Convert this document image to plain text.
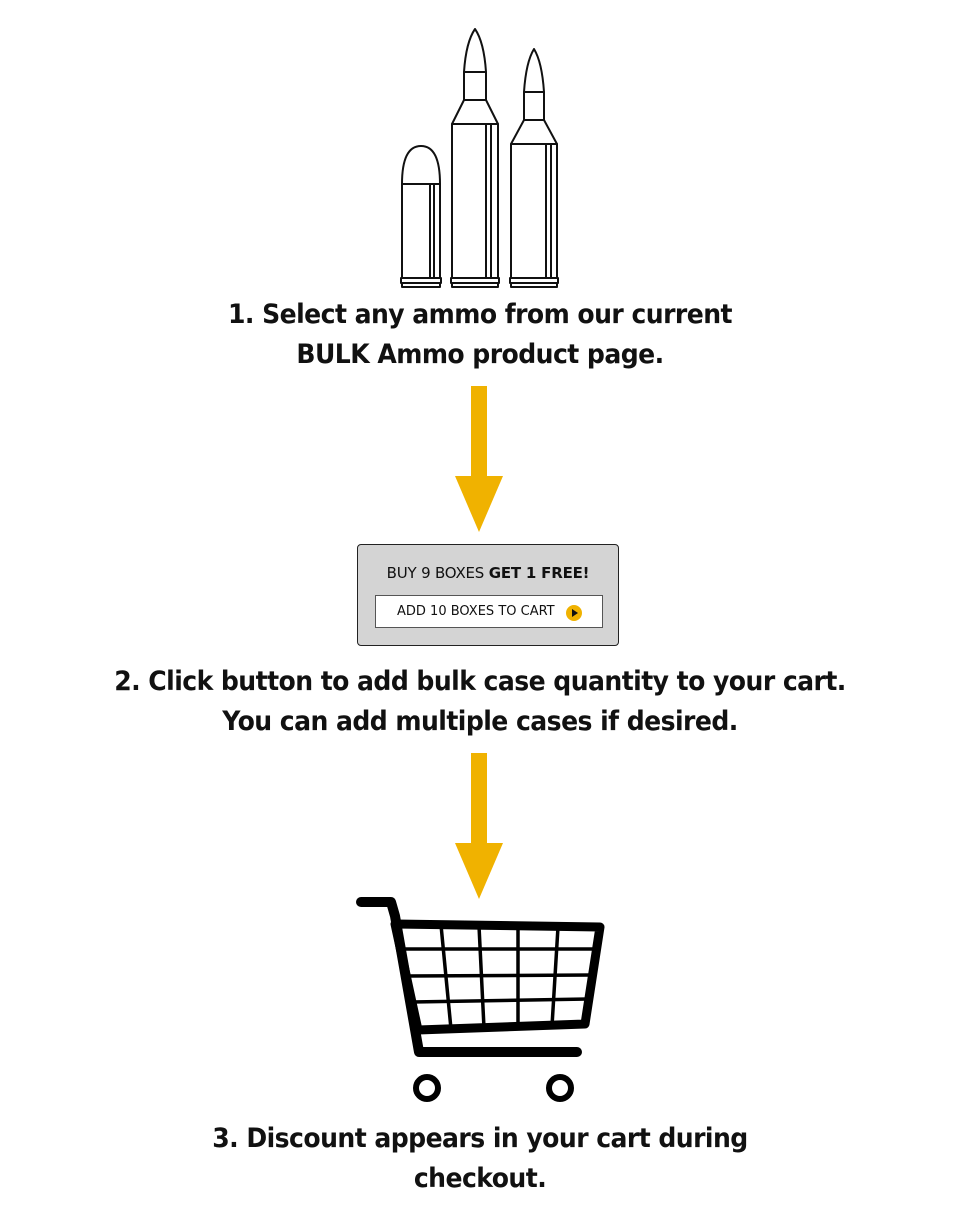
1. Select any ammo from our current
BULK Ammo product page.
BUY 9 BOXES GET 1 FREE!
ADD 10 BOXES TO CART
2. Click button to add bulk case quantity to your cart.
You can add multiple cases if desired.
3. Discount appears in your cart during
checkout.
